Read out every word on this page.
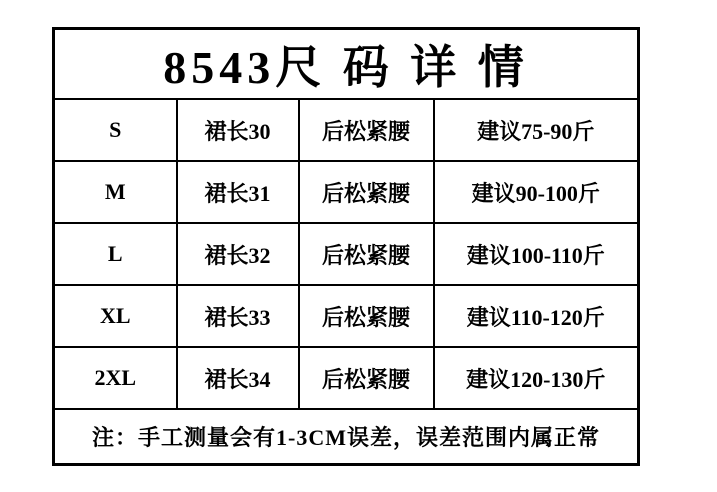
8543尺 码 详 情			
S	裙长30	后松紧腰	建议75-90斤
M	裙长31	后松紧腰	建议90-100斤
L	裙长32	后松紧腰	建议100-110斤
XL	裙长33	后松紧腰	建议110-120斤
2XL	裙长34	后松紧腰	建议120-130斤
注：手工测量会有1-3CM误差，误差范围内属正常			
